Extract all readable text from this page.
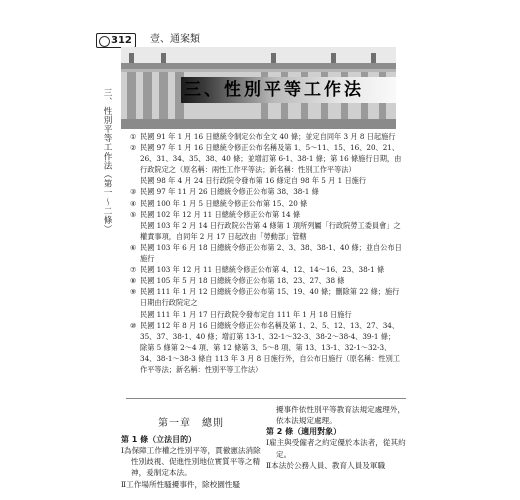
312	壹、通案類
三、性別平等工作法（第一～二條）	三、性別平等工作法
① 民國 91 年 1 月 16 日總統令制定公布全文 40 條；並定自同年 3 月 8 日起施行
② 民國 97 年 1 月 16 日總統令修正公布名稱及第 1、5～11、15、16、20、21、26、31、34、35、38、40 條；並增訂第 6-1、38-1 條；第 16 條施行日期，由行政院定之（原名稱：兩性工作平等法；新名稱：性別工作平等法）
民國 98 年 4 月 24 日行政院令發布第 16 條定自 98 年 5 月 1 日施行
③ 民國 97 年 11 月 26 日總統令修正公布第 38、38-1 條
④ 民國 100 年 1 月 5 日總統令修正公布第 15、20 條
⑤ 民國 102 年 12 月 11 日總統令修正公布第 14 條
民國 103 年 2 月 14 日行政院公告第 4 條第 1 項所列屬「行政院勞工委員會」之權責事項，自同年 2 月 17 日起改由「勞動部」管轄
⑥ 民國 103 年 6 月 18 日總統令修正公布第 2、3、38、38-1、40 條；並自公布日施行
⑦ 民國 103 年 12 月 11 日總統令修正公布第 4、12、14～16、23、38-1 條
⑧ 民國 105 年 5 月 18 日總統令修正公布第 18、23、27、38 條
⑨ 民國 111 年 1 月 12 日總統令修正公布第 15、19、40 條；刪除第 22 條；施行日期由行政院定之
民國 111 年 1 月 17 日行政院令發布定自 111 年 1 月 18 日施行
⑩ 民國 112 年 8 月 16 日總統令修正公布名稱及第 1、2、5、12、13、27、34、35、37、38-1、40 條；增訂第 13-1、32-1～32-3、38-2～38-4、39-1 條；除第 5 條第 2～4 項、第 12 條第 3、5～8 項、第 13、13-1、32-1～32-3、34、38-1～38-3 條自 113 年 3 月 8 日施行外，自公布日施行（原名稱：性別工作平等法；新名稱：性別平等工作法）
第一章　總則
第 1 條（立法目的）
Ⅰ為保障工作權之性別平等，貫徹憲法消除性別歧視、促進性別地位實質平等之精神，爰制定本法。
Ⅱ工作場所性騷擾事件，除校園性騷
擾事件依性別平等教育法規定處理外，依本法規定處理。
第 2 條（適用對象）
Ⅰ雇主與受僱者之約定優於本法者，從其約定。
Ⅱ本法於公務人員、教育人員及軍職
